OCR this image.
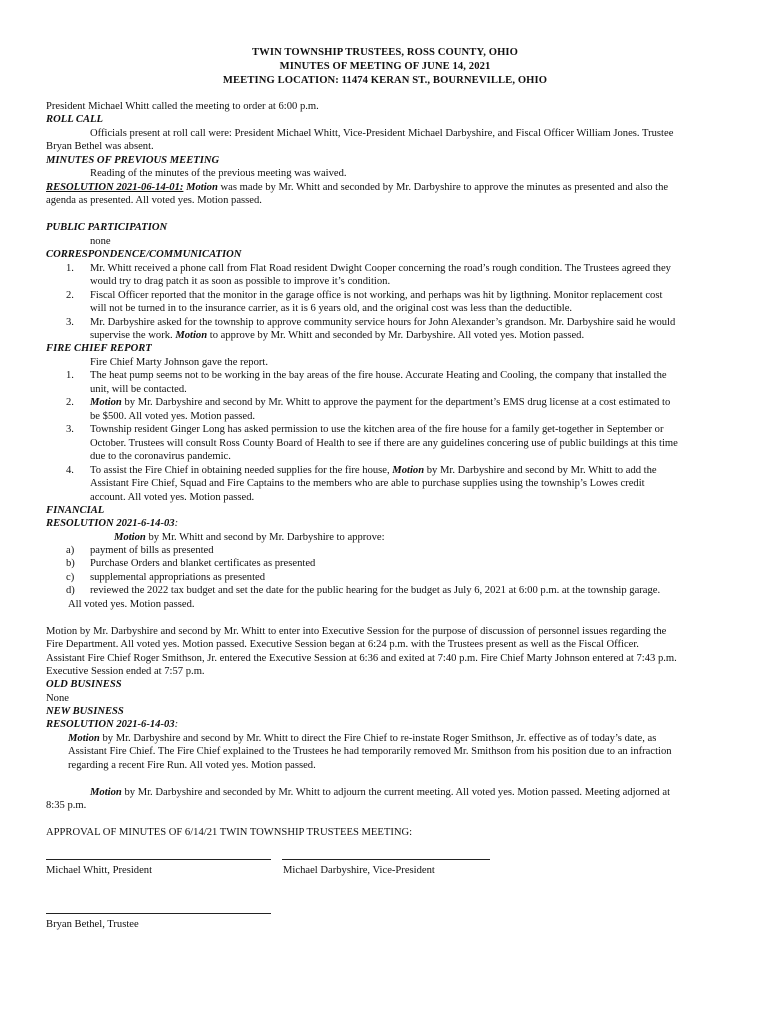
TWIN TOWNSHIP TRUSTEES, ROSS COUNTY, OHIO
MINUTES OF MEETING OF JUNE 14, 2021
MEETING LOCATION: 11474 KERAN ST., BOURNEVILLE, OHIO
President Michael Whitt called the meeting to order at 6:00 p.m.
ROLL CALL
Officials present at roll call were: President Michael Whitt, Vice-President Michael Darbyshire, and Fiscal Officer William Jones. Trustee
Bryan Bethel was absent.
MINUTES OF PREVIOUS MEETING
Reading of the minutes of the previous meeting was waived.
RESOLUTION 2021-06-14-01: Motion was made by Mr. Whitt and seconded by Mr. Darbyshire to approve the minutes as presented and also the
agenda as presented. All voted yes. Motion passed.
PUBLIC PARTICIPATION
none
CORRESPONDENCE/COMMUNICATION
1.	Mr. Whitt received a phone call from Flat Road resident Dwight Cooper concerning the road’s rough condition. The Trustees agreed they
would try to drag patch it as soon as possible to improve it’s condition.
2.	Fiscal Officer reported that the monitor in the garage office is not working, and perhaps was hit by ligthning. Monitor replacement cost
will not be turned in to the insurance carrier, as it is 6 years old, and the original cost was less than the deductible.
3.	Mr. Darbyshire asked for the township to approve community service hours for John Alexander’s grandson. Mr. Darbyshire said he would
supervise the work. Motion to approve by Mr. Whitt and seconded by Mr. Darbyshire. All voted yes. Motion passed.
FIRE CHIEF REPORT
Fire Chief Marty Johnson gave the report.
1.	The heat pump seems not to be working in the bay areas of the fire house. Accurate Heating and Cooling, the company that installed the
unit, will be contacted.
2.	Motion by Mr. Darbyshire and second by Mr. Whitt to approve the payment for the department’s EMS drug license at a cost estimated to
be $500. All voted yes. Motion passed.
3.	Township resident Ginger Long has asked permission to use the kitchen area of the fire house for a family get-together in September or
October. Trustees will consult Ross County Board of Health to see if there are any guidelines concering use of public buildings at this time
due to the coronavirus pandemic.
4.	To assist the Fire Chief in obtaining needed supplies for the fire house, Motion by Mr. Darbyshire and second by Mr. Whitt to add the
Assistant Fire Chief, Squad and Fire Captains to the members who are able to purchase supplies using the township’s Lowes credit
account. All voted yes. Motion passed.
FINANCIAL
RESOLUTION 2021-6-14-03:
Motion by Mr. Whitt and second by Mr. Darbyshire to approve:
a)	payment of bills as presented
b)	Purchase Orders and blanket certificates as presented
c)	supplemental appropriations as presented
d)	reviewed the 2022 tax budget and set the date for the public hearing for the budget as July 6, 2021 at 6:00 p.m. at the township garage.
All voted yes. Motion passed.
Motion by Mr. Darbyshire and second by Mr. Whitt to enter into Executive Session for the purpose of discussion of personnel issues regarding the
Fire Department. All voted yes. Motion passed. Executive Session began at 6:24 p.m. with the Trustees present as well as the Fiscal Officer.
Assistant Fire Chief Roger Smithson, Jr. entered the Executive Session at 6:36 and exited at 7:40 p.m. Fire Chief Marty Johnson entered at 7:43 p.m.
Executive Session ended at 7:57 p.m.
OLD BUSINESS
None
NEW BUSINESS
RESOLUTION 2021-6-14-03:
Motion by Mr. Darbyshire and second by Mr. Whitt to direct the Fire Chief to re-instate Roger Smithson, Jr. effective as of today’s date, as
Assistant Fire Chief. The Fire Chief explained to the Trustees he had temporarily removed Mr. Smithson from his position due to an infraction
regarding a recent Fire Run. All voted yes. Motion passed.
Motion by Mr. Darbyshire and seconded by Mr. Whitt to adjourn the current meeting. All voted yes. Motion passed. Meeting adjorned at
8:35 p.m.
APPROVAL OF MINUTES OF 6/14/21 TWIN TOWNSHIP TRUSTEES MEETING:
Michael Whitt, President	Michael Darbyshire, Vice-President
Bryan Bethel, Trustee
